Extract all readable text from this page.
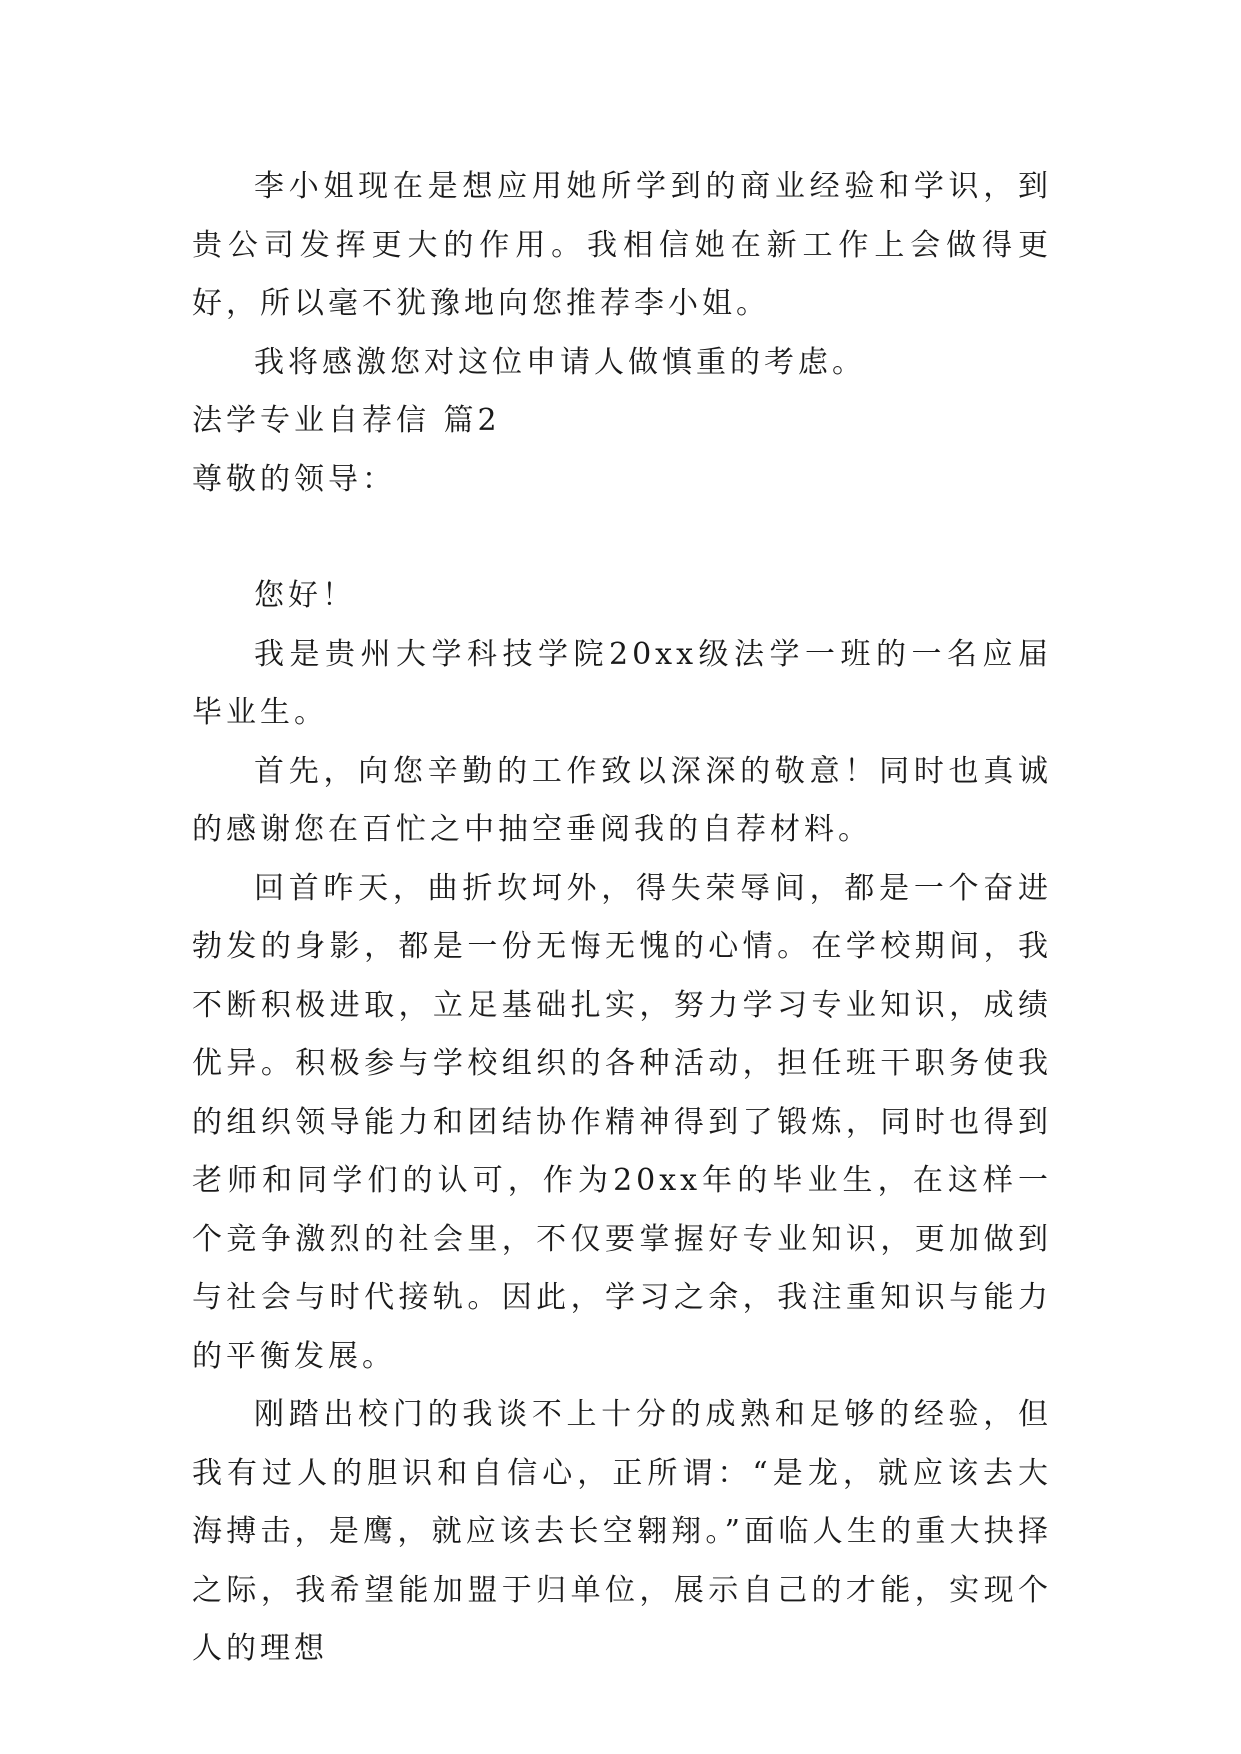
李小姐现在是想应用她所学到的商业经验和学识，到贵公司发挥更大的作用。我相信她在新工作上会做得更好，所以毫不犹豫地向您推荐李小姐。

我将感激您对这位申请人做慎重的考虑。

法学专业自荐信 篇2

尊敬的领导：

您好！

我是贵州大学科技学院20xx级法学一班的一名应届毕业生。

首先，向您辛勤的工作致以深深的敬意！同时也真诚的感谢您在百忙之中抽空垂阅我的自荐材料。

回首昨天，曲折坎坷外，得失荣辱间，都是一个奋进勃发的身影，都是一份无悔无愧的心情。在学校期间，我不断积极进取，立足基础扎实，努力学习专业知识，成绩优异。积极参与学校组织的各种活动，担任班干职务使我的组织领导能力和团结协作精神得到了锻炼，同时也得到老师和同学们的认可，作为20xx年的毕业生，在这样一个竞争激烈的社会里，不仅要掌握好专业知识，更加做到与社会与时代接轨。因此，学习之余，我注重知识与能力的平衡发展。

刚踏出校门的我谈不上十分的成熟和足够的经验，但我有过人的胆识和自信心，正所谓：“是龙，就应该去大海搏击，是鹰，就应该去长空翱翔。”面临人生的重大抉择之际，我希望能加盟于归单位，展示自己的才能，实现个人的理想
